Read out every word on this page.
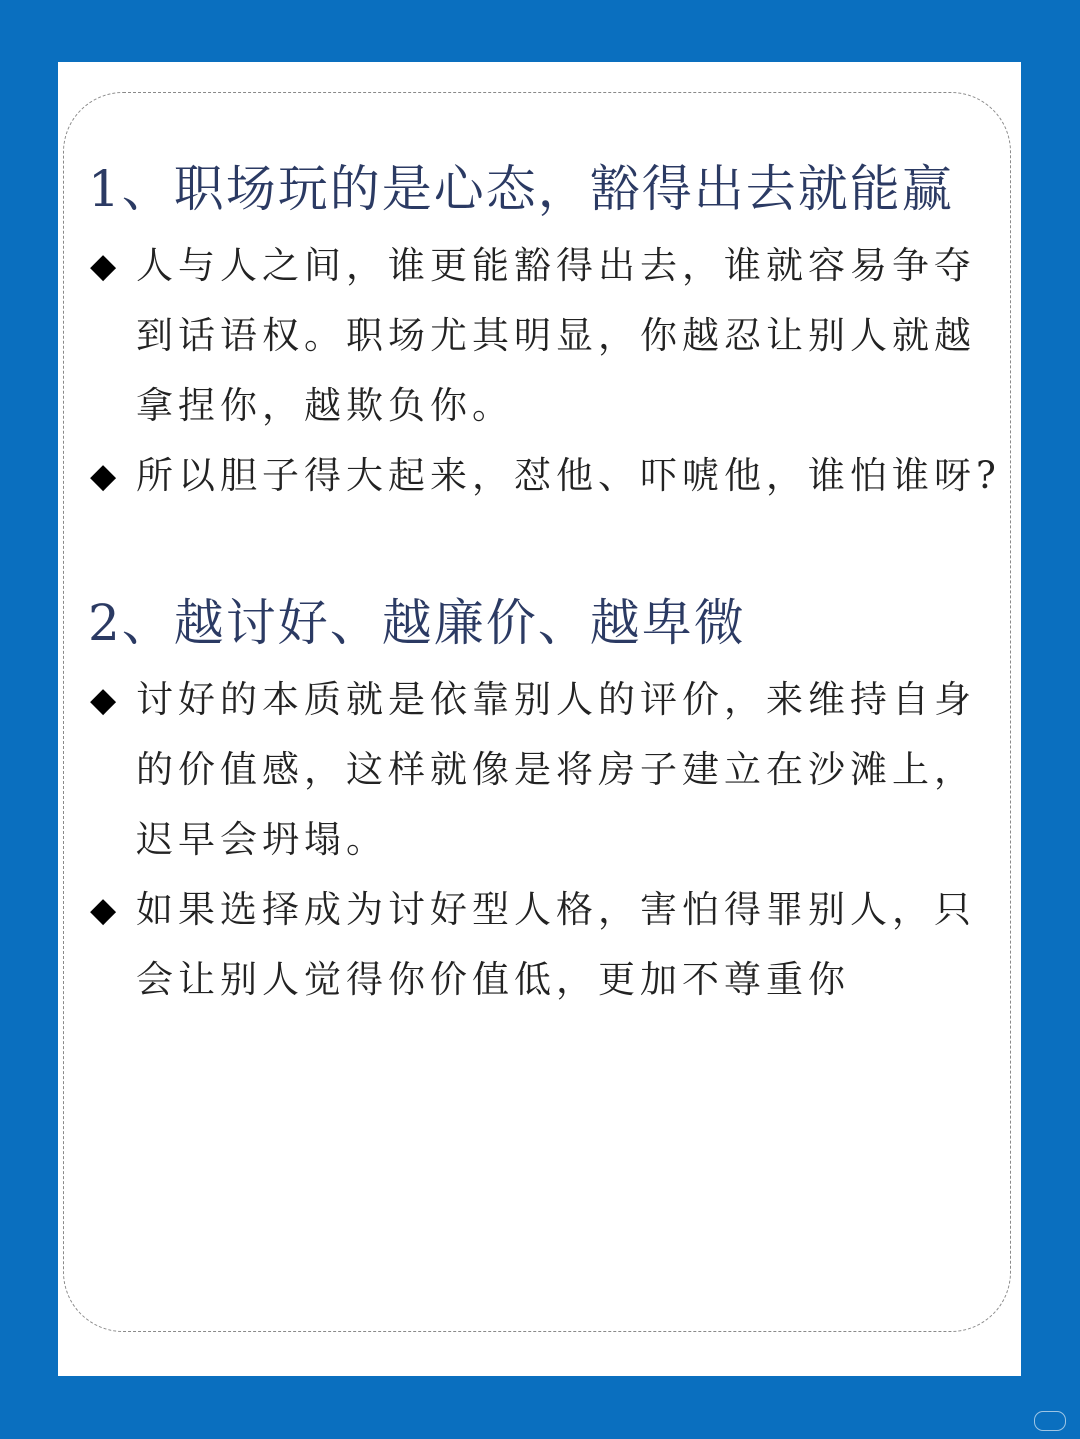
1、职场玩的是心态，豁得出去就能赢
◆ 人与人之间，谁更能豁得出去，谁就容易争夺到话语权。职场尤其明显，你越忍让别人就越拿捏你，越欺负你。
◆ 所以胆子得大起来，怼他、吓唬他，谁怕谁呀?
2、越讨好、越廉价、越卑微
◆ 讨好的本质就是依靠别人的评价，来维持自身的价值感，这样就像是将房子建立在沙滩上，迟早会坍塌。
◆ 如果选择成为讨好型人格，害怕得罪别人，只会让别人觉得你价值低，更加不尊重你
